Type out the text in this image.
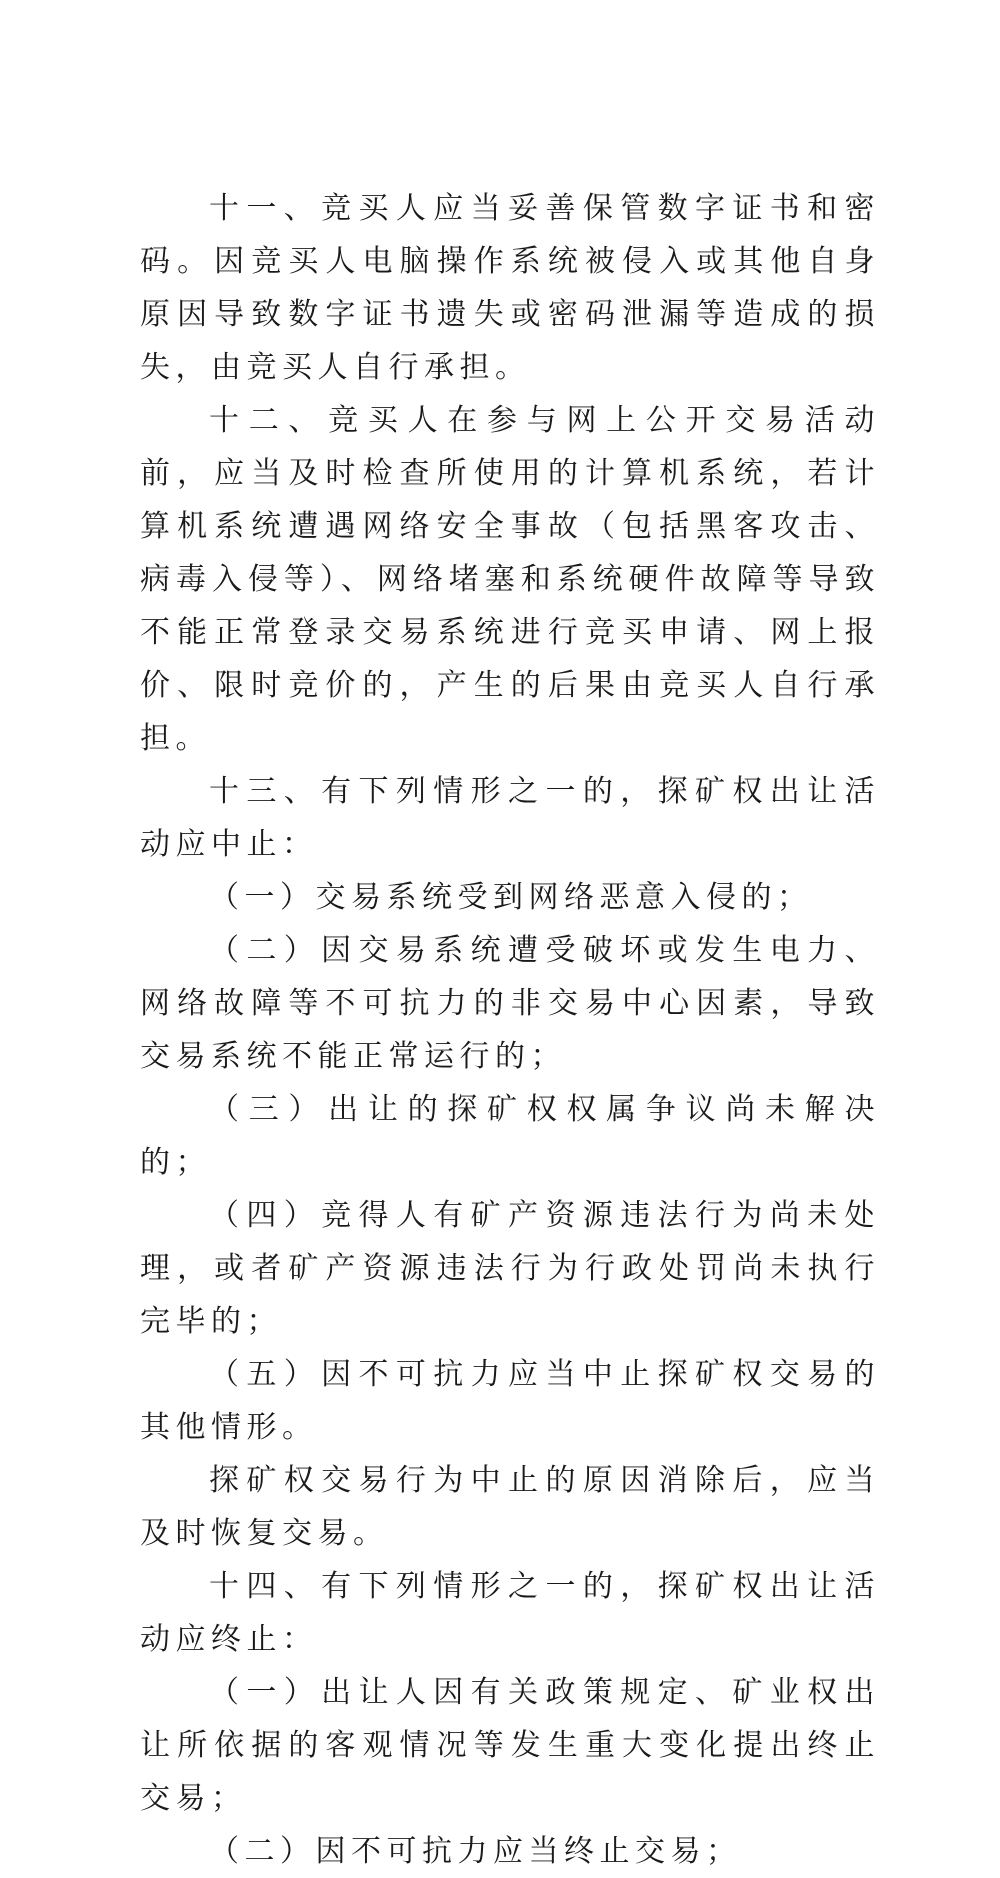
十一、竞买人应当妥善保管数字证书和密码。因竞买人电脑操作系统被侵入或其他自身原因导致数字证书遗失或密码泄漏等造成的损失，由竞买人自行承担。

十二、竞买人在参与网上公开交易活动前，应当及时检查所使用的计算机系统，若计算机系统遭遇网络安全事故（包括黑客攻击、病毒入侵等）、网络堵塞和系统硬件故障等导致不能正常登录交易系统进行竞买申请、网上报价、限时竞价的，产生的后果由竞买人自行承担。

十三、有下列情形之一的，探矿权出让活动应中止：

（一）交易系统受到网络恶意入侵的；

（二）因交易系统遭受破坏或发生电力、网络故障等不可抗力的非交易中心因素，导致交易系统不能正常运行的；

（三）出让的探矿权权属争议尚未解决的；

（四）竞得人有矿产资源违法行为尚未处理，或者矿产资源违法行为行政处罚尚未执行完毕的；

（五）因不可抗力应当中止探矿权交易的其他情形。

探矿权交易行为中止的原因消除后，应当及时恢复交易。

十四、有下列情形之一的，探矿权出让活动应终止：

（一）出让人因有关政策规定、矿业权出让所依据的客观情况等发生重大变化提出终止交易；

（二）因不可抗力应当终止交易；
